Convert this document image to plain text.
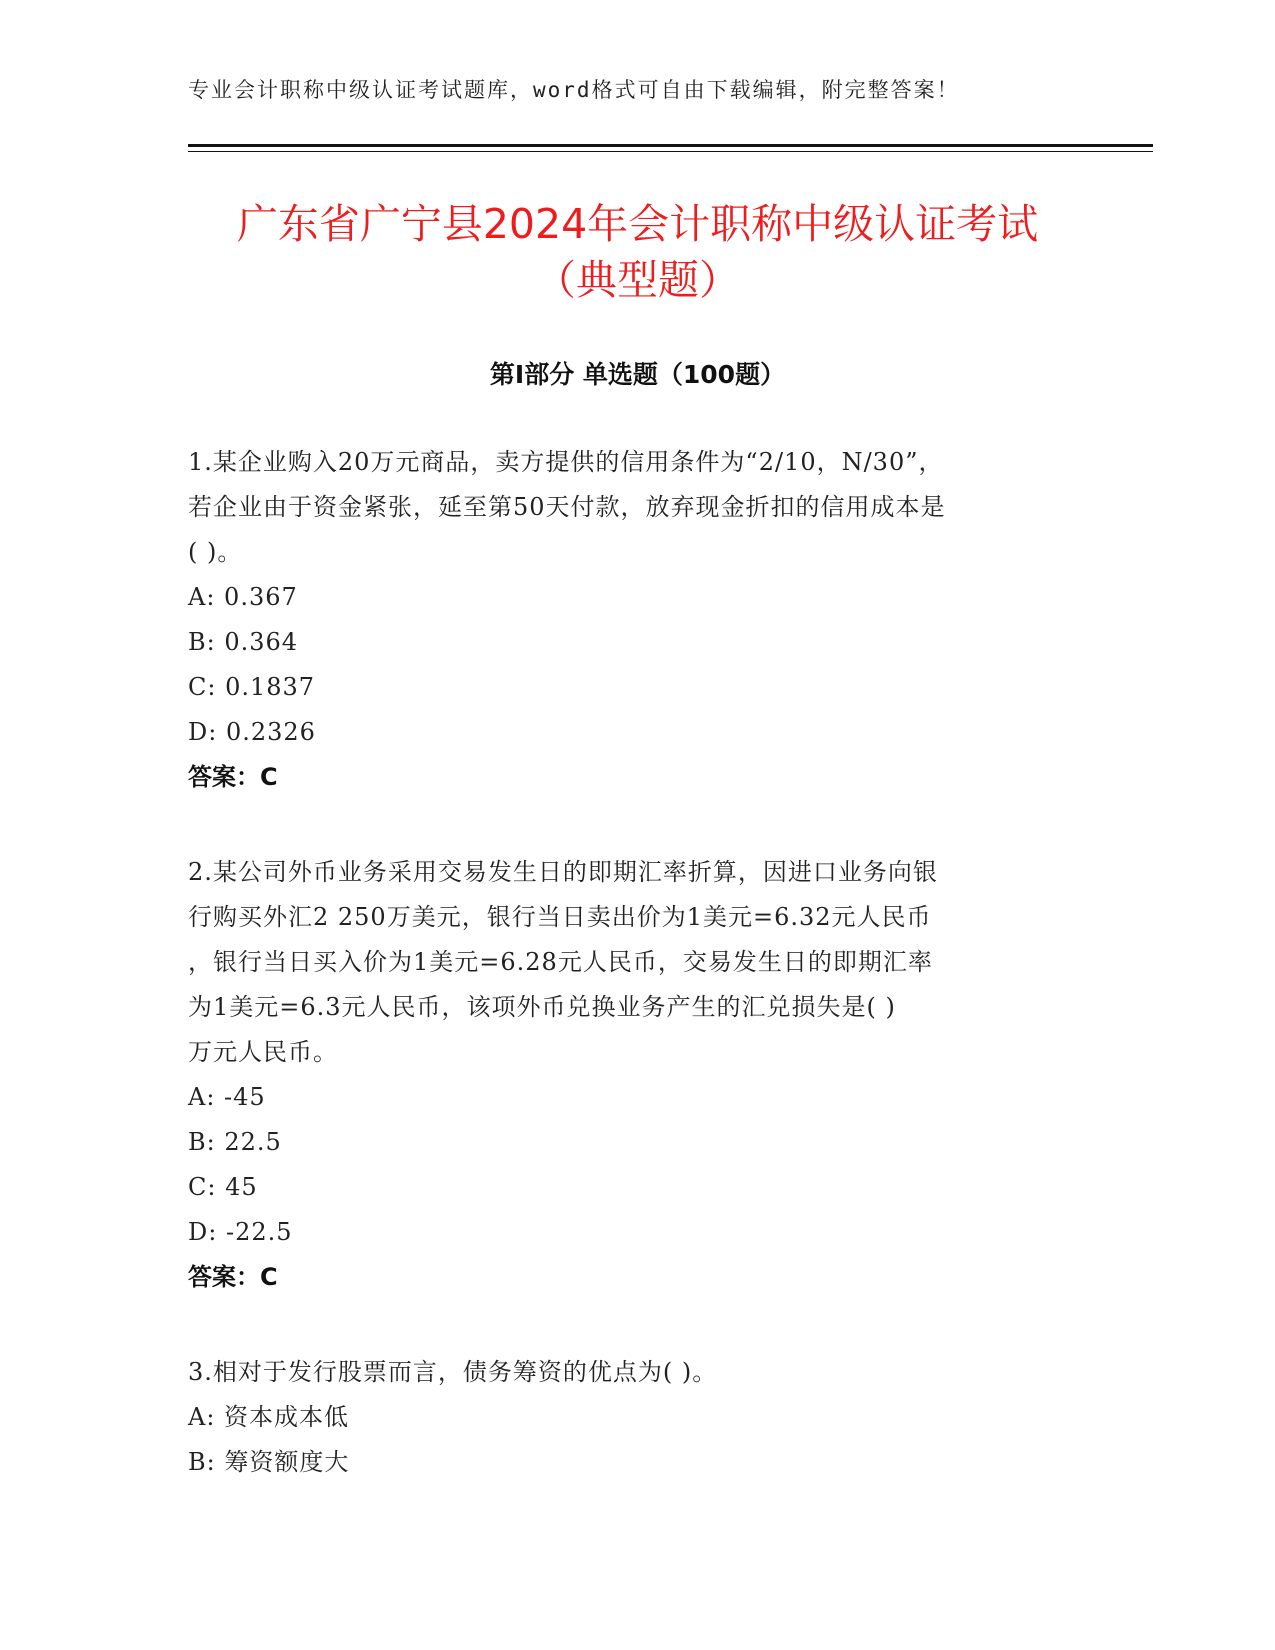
专业会计职称中级认证考试题库，word格式可自由下载编辑，附完整答案！
广东省广宁县2024年会计职称中级认证考试
（典型题）
第Ⅰ部分 单选题（100题）

1.某企业购入20万元商品，卖方提供的信用条件为“2/10，N/30”，

若企业由于资金紧张，延至第50天付款，放弃现金折扣的信用成本是

( )。

A: 0.367

B: 0.364

C: 0.1837

D: 0.2326

答案：C

2.某公司外币业务采用交易发生日的即期汇率折算，因进口业务向银

行购买外汇2 250万美元，银行当日卖出价为1美元=6.32元人民币

，银行当日买入价为1美元=6.28元人民币，交易发生日的即期汇率

为1美元=6.3元人民币，该项外币兑换业务产生的汇兑损失是( )

万元人民币。

A: -45

B: 22.5

C: 45

D: -22.5

答案：C

3.相对于发行股票而言，债务筹资的优点为( )。

A: 资本成本低

B: 筹资额度大
